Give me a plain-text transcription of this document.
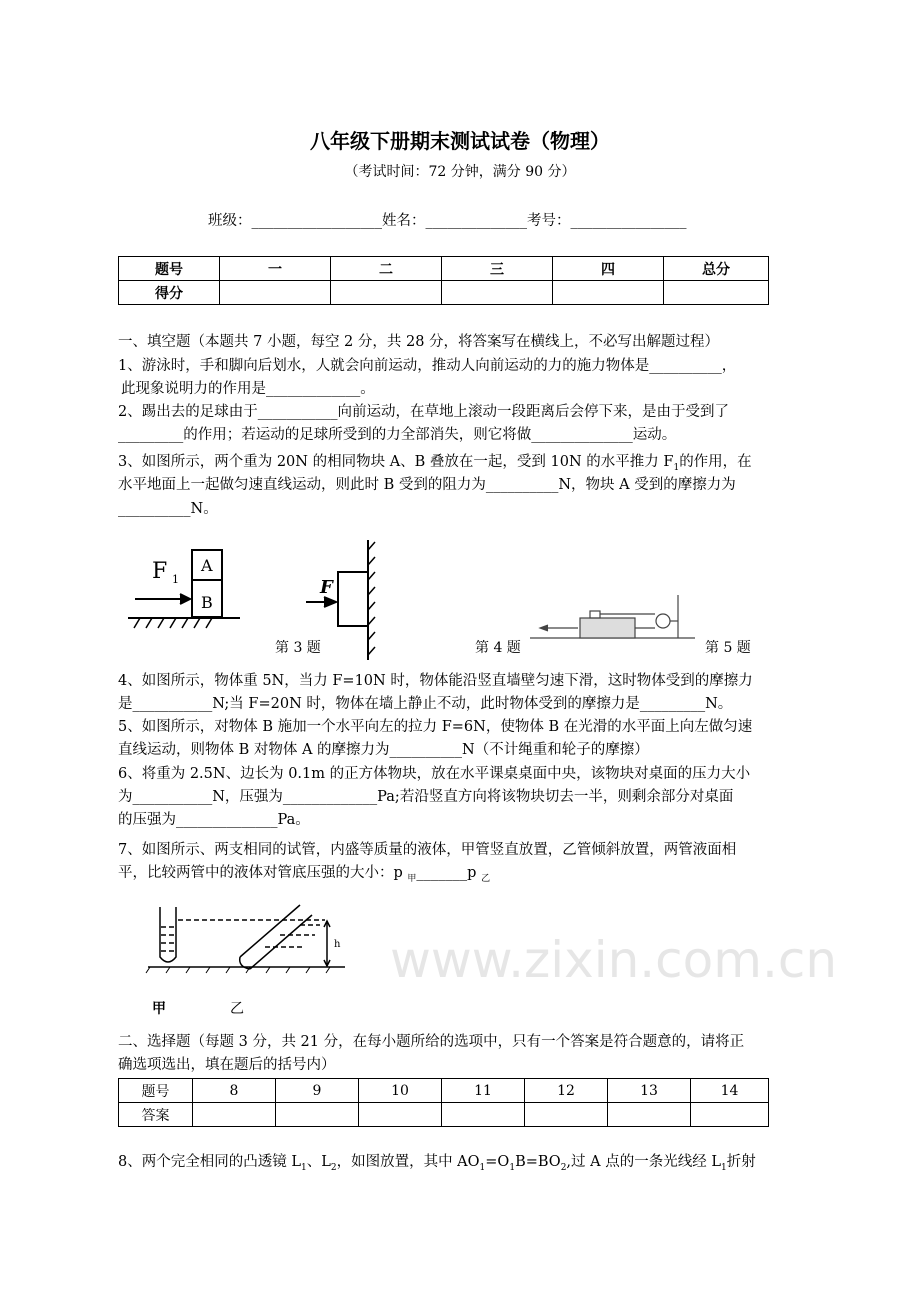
八年级下册期末测试试卷（物理）
（考试时间：72 分钟，满分 90 分）
班级：__________________姓名：______________考号：________________
题号	一	二	三	四	总分
得分					
一、填空题（本题共 7 小题，每空 2 分，共 28 分，将答案写在横线上，不必写出解题过程）
1、游泳时，手和脚向后划水，人就会向前运动，推动人向前运动的力的施力物体是__________，
此现象说明力的作用是_____________。
2、踢出去的足球由于___________向前运动，在草地上滚动一段距离后会停下来，是由于受到了
_________的作用；若运动的足球所受到的力全部消失，则它将做______________运动。
3、如图所示，两个重为 20N 的相同物块 A、B 叠放在一起，受到 10N 的水平推力 $F_1$的作用，在
水平地面上一起做匀速直线运动，则此时 B 受到的阻力为__________N，物块 A 受到的摩擦力为
__________N。
F 1
A
B
F
第 3 题	第 4 题	第 5 题
4、如图所示，物体重 5N，当力 F=10N 时，物体能沿竖直墙壁匀速下滑，这时物体受到的摩擦力
是___________N;当 F=20N 时，物体在墙上静止不动，此时物体受到的摩擦力是_________N。
5、如图所示，对物体 B 施加一个水平向左的拉力 F=6N，使物体 B 在光滑的水平面上向左做匀速
直线运动，则物体 B 对物体 A 的摩擦力为__________N（不计绳重和轮子的摩擦）
6、将重为 2.5N、边长为 0.1m 的正方体物块，放在水平课桌桌面中央，该物块对桌面的压力大小
为___________N，压强为_____________Pa;若沿竖直方向将该物块切去一半，则剩余部分对桌面
的压强为______________Pa。
7、如图所示、两支相同的试管，内盛等质量的液体，甲管竖直放置，乙管倾斜放置，两管液面相
平，比较两管中的液体对管底压强的大小：p $_甲$_______p $_乙$
h
甲	乙
www.zixin.com.cn
二、选择题（每题 3 分，共 21 分，在每小题所给的选项中，只有一个答案是符合题意的，请将正
确选项选出，填在题后的括号内）
题号	8	9	10	11	12	13	14
答案							
8、两个完全相同的凸透镜 $L_1$、$L_2$，如图放置，其中 $AO_1=O_1B=BO_2$,过 A 点的一条光线经 $L_1$折射
